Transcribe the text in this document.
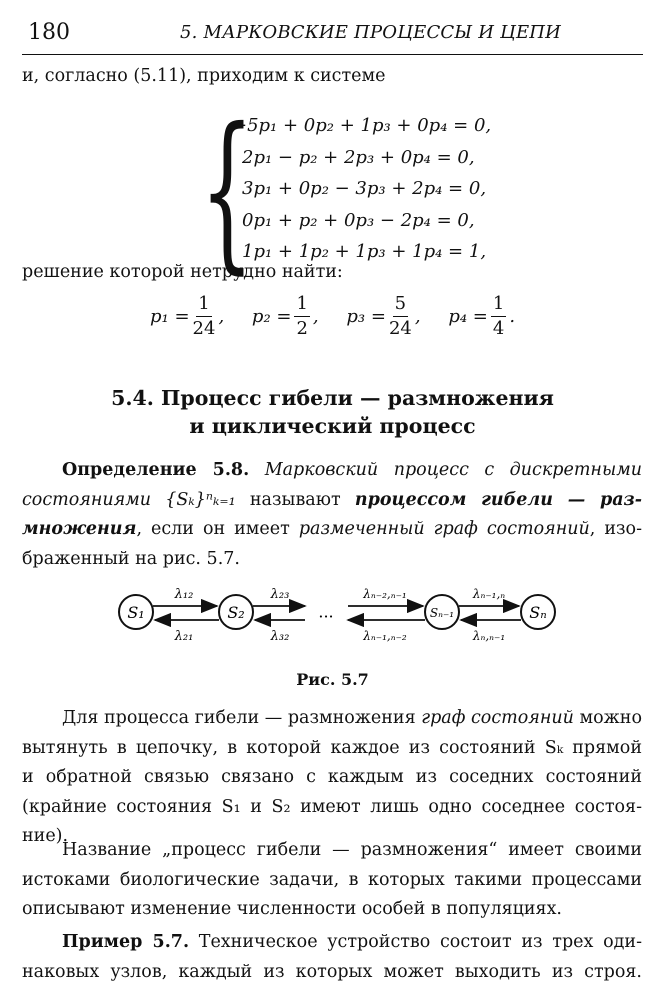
180	5. МАРКОВСКИЕ ПРОЦЕССЫ И ЦЕПИ
и, согласно (5.11), приходим к системе
{
−5p₁ + 0p₂ + 1p₃ + 0p₄ = 0,
2p₁ − p₂ + 2p₃ + 0p₄ = 0,
3p₁ + 0p₂ − 3p₃ + 2p₄ = 0,
0p₁ + p₂ + 0p₃ − 2p₄ = 0,
1p₁ + 1p₂ + 1p₃ + 1p₄ = 1,
решение которой нетрудно найти:
$p_1 = \frac{1}{24}$ ,
$p_2 = \frac{1}{2}$ ,
$p_3 = \frac{5}{24}$ ,
$p_4 = \frac{1}{4}$ .
5.4. Процесс гибели — размножения
и циклический процесс
Определение 5.8. Марковский процесс с дискретными
состояниями {Sₖ}ⁿₖ₌₁ называют процессом гибели — раз-
множения, если он имеет размеченный граф состояний, изо-
браженный на рис. 5.7.
S₁	S₂	Sₙ₋₁	Sₙ
···
λ₁₂	λ₂₃	λₙ₋₂,ₙ₋₁	λₙ₋₁,ₙ
λ₂₁	λ₃₂	λₙ₋₁,ₙ₋₂	λₙ,ₙ₋₁
Рис. 5.7
Для процесса гибели — размножения граф состояний можно
вытянуть в цепочку, в которой каждое из состояний Sₖ прямой
и обратной связью связано с каждым из соседних состояний
(крайние состояния S₁ и S₂ имеют лишь одно соседнее состоя-
ние).
Название „процесс гибели — размножения“ имеет своими
истоками биологические задачи, в которых такими процессами
описывают изменение численности особей в популяциях.
Пример 5.7. Техническое устройство состоит из трех оди-
наковых узлов, каждый из которых может выходить из строя.
